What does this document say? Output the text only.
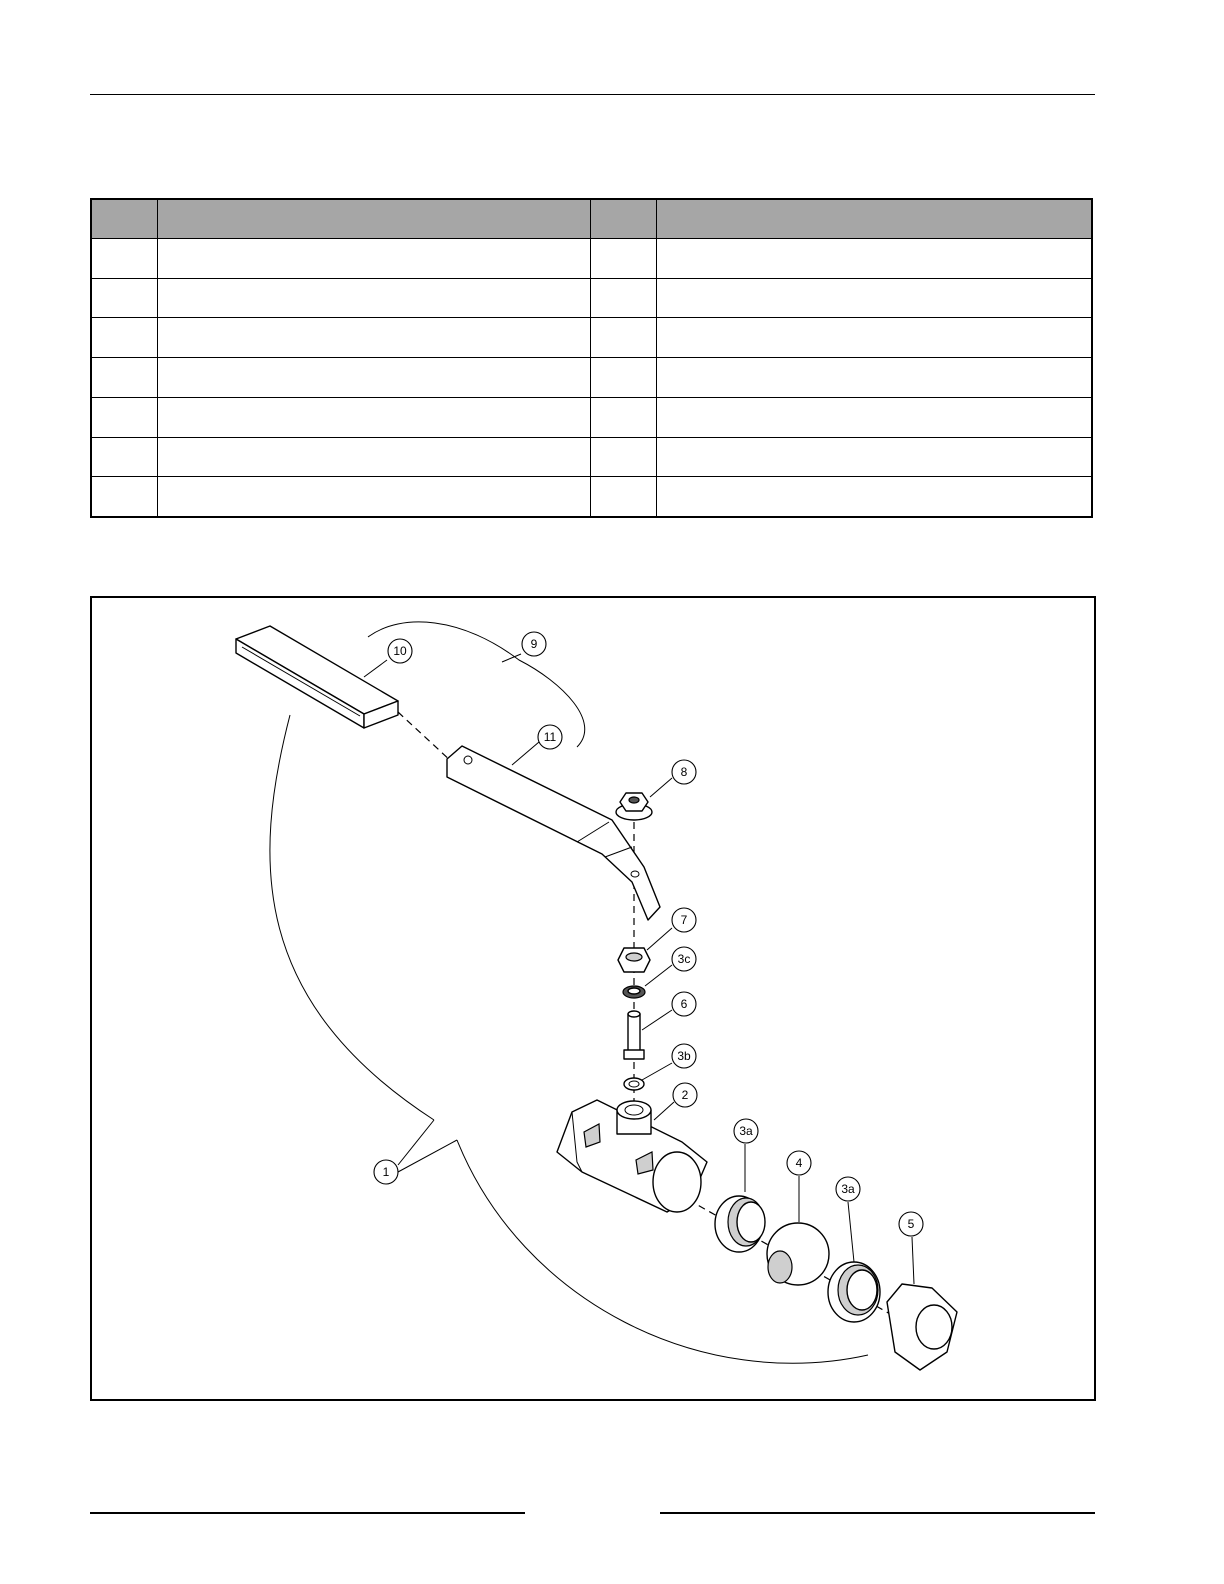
10	9
11
8
7
3c
6
3b
2
3a
4
3a
5
1
